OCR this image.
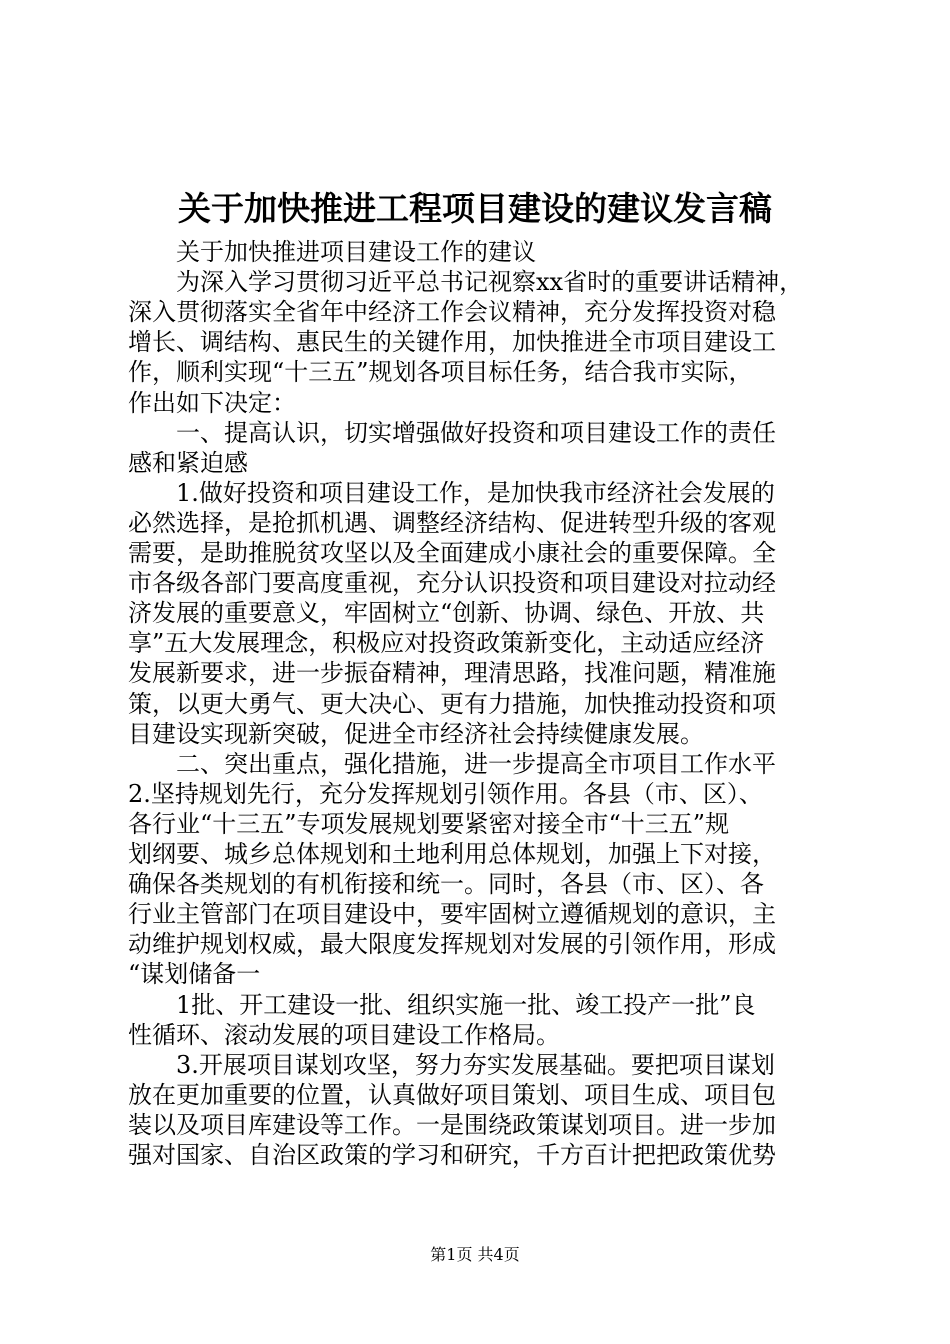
关于加快推进工程项目建设的建议发言稿
　　关于加快推进项目建设工作的建议
　　为深入学习贯彻习近平总书记视察xx省时的重要讲话精神，
深入贯彻落实全省年中经济工作会议精神，充分发挥投资对稳
增长、调结构、惠民生的关键作用，加快推进全市项目建设工
作，顺利实现“十三五”规划各项目标任务，结合我市实际，
作出如下决定：
　　一、提高认识，切实增强做好投资和项目建设工作的责任
感和紧迫感
　　1.做好投资和项目建设工作，是加快我市经济社会发展的
必然选择，是抢抓机遇、调整经济结构、促进转型升级的客观
需要，是助推脱贫攻坚以及全面建成小康社会的重要保障。全
市各级各部门要高度重视，充分认识投资和项目建设对拉动经
济发展的重要意义，牢固树立“创新、协调、绿色、开放、共
享”五大发展理念，积极应对投资政策新变化，主动适应经济
发展新要求，进一步振奋精神，理清思路，找准问题，精准施
策，以更大勇气、更大决心、更有力措施，加快推动投资和项
目建设实现新突破，促进全市经济社会持续健康发展。
　　二、突出重点，强化措施，进一步提高全市项目工作水平
2.坚持规划先行，充分发挥规划引领作用。各县（市、区）、
各行业“十三五”专项发展规划要紧密对接全市“十三五”规
划纲要、城乡总体规划和土地利用总体规划，加强上下对接，
确保各类规划的有机衔接和统一。同时，各县（市、区）、各
行业主管部门在项目建设中，要牢固树立遵循规划的意识，主
动维护规划权威，最大限度发挥规划对发展的引领作用，形成
“谋划储备一
　　1批、开工建设一批、组织实施一批、竣工投产一批”良
性循环、滚动发展的项目建设工作格局。
　　3.开展项目谋划攻坚，努力夯实发展基础。要把项目谋划
放在更加重要的位置，认真做好项目策划、项目生成、项目包
装以及项目库建设等工作。一是围绕政策谋划项目。进一步加
强对国家、自治区政策的学习和研究，千方百计把把政策优势
第1页 共4页
